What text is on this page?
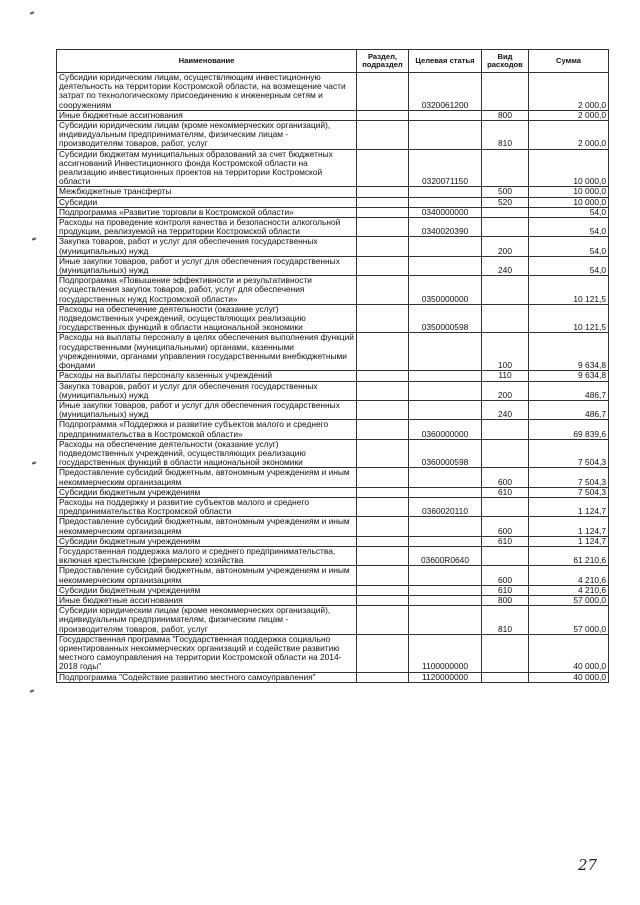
Наименование	Раздел, подраздел	Целевая статья	Вид расходов	Сумма
Субсидии юридическим лицам, осуществляющим инвестиционную деятельность на территории Костромской области, на возмещение части затрат по технологическому присоединению к инженерным сетям и сооружениям		0320061200		2 000,0
Иные бюджетные ассигнования			800	2 000,0
Субсидии юридическим лицам (кроме некоммерческих организаций), индивидуальным предпринимателям, физическим лицам - производителям товаров, работ, услуг			810	2 000,0
Субсидии бюджетам муниципальных образований за счет бюджетных ассигнований Инвестиционного фонда Костромской области на реализацию инвестиционных проектов на территории Костромской области		0320071150		10 000,0
Межбюджетные трансферты			500	10 000,0
Субсидии			520	10 000,0
Подпрограмма «Развитие торговли в Костромской области»		0340000000		54,0
Расходы на проведение контроля качества и безопасности алкогольной продукции, реализуемой на территории Костромской области		0340020390		54,0
Закупка товаров, работ и услуг для обеспечения государственных (муниципальных) нужд			200	54,0
Иные закупки товаров, работ и услуг для обеспечения государственных (муниципальных) нужд			240	54,0
Подпрограмма «Повышение эффективности и результативности осуществления закупок товаров, работ, услуг для обеспечения государственных нужд Костромской области»		0350000000		10 121,5
Расходы на обеспечение деятельности (оказание услуг) подведомственных учреждений, осуществляющих реализацию государственных функций в области национальной экономики		0350000598		10 121,5
Расходы на выплаты персоналу в целях обеспечения выполнения функций государственными (муниципальными) органами, казенными учреждениями, органами управления государственными внебюджетными фондами			100	9 634,8
Расходы на выплаты персоналу казенных учреждений			110	9 634,8
Закупка товаров, работ и услуг для обеспечения государственных (муниципальных) нужд			200	486,7
Иные закупки товаров, работ и услуг для обеспечения государственных (муниципальных) нужд			240	486,7
Подпрограмма «Поддержка и развитие субъектов малого и среднего предпринимательства в Костромской области»		0360000000		69 839,6
Расходы на обеспечение деятельности (оказание услуг) подведомственных учреждений, осуществляющих реализацию государственных функций в области национальной экономики		0360000598		7 504,3
Предоставление субсидий бюджетным, автономным учреждениям и иным некоммерческим организациям			600	7 504,3
Субсидии бюджетным учреждениям			610	7 504,3
Расходы на поддержку и развитие субъектов малого и среднего предпринимательства Костромской области		0360020110		1 124,7
Предоставление субсидий бюджетным, автономным учреждениям и иным некоммерческим организациям			600	1 124,7
Субсидии бюджетным учреждениям			610	1 124,7
Государственная поддержка малого и среднего предпринимательства, включая крестьянские (фермерские) хозяйства		03600R0640		61 210,6
Предоставление субсидий бюджетным, автономным учреждениям и иным некоммерческим организациям			600	4 210,6
Субсидии бюджетным учреждениям			610	4 210,6
Иные бюджетные ассигнования			800	57 000,0
Субсидии юридическим лицам (кроме некоммерческих организаций), индивидуальным предпринимателям, физическим лицам - производителям товаров, работ, услуг			810	57 000,0
Государственная программа "Государственная поддержка социально ориентированных некоммерческих организаций и содействие развитию местного самоуправления на территории Костромской области на 2014-2018 годы"		1100000000		40 000,0
Подпрограмма "Содействие развитию местного самоуправления"		1120000000		40 000,0
27
